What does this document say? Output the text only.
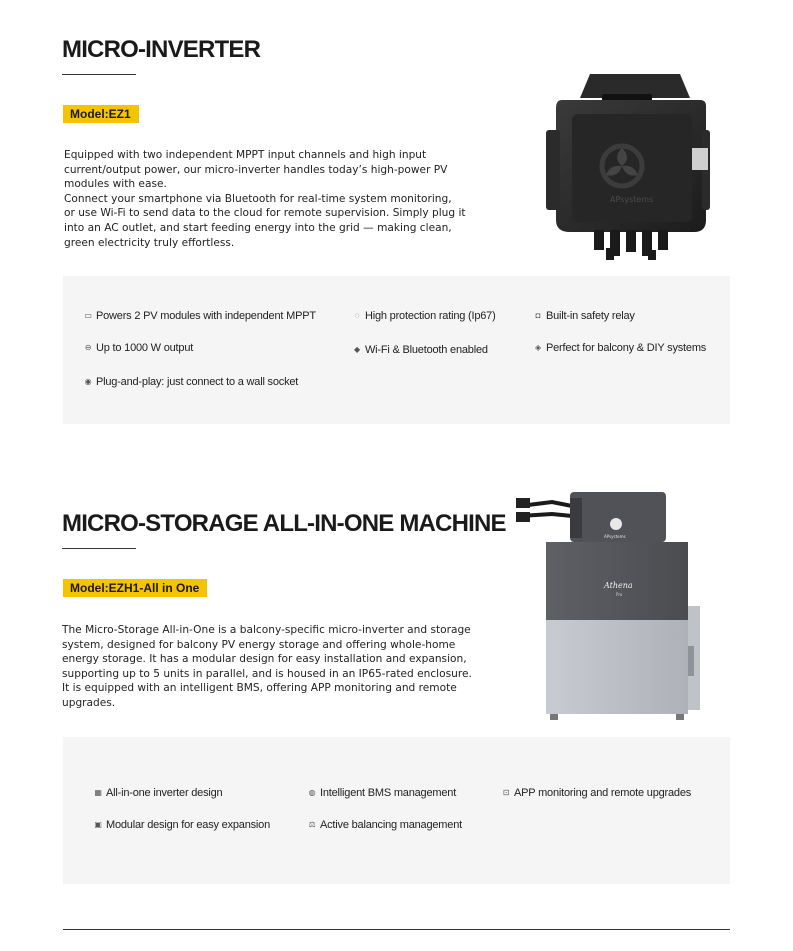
MICRO-INVERTER
Model:EZ1

Equipped with two independent MPPT input channels and high input

current/output power, our micro-inverter handles today’s high-power PV

modules with ease.

Connect your smartphone via Bluetooth for real-time system monitoring,

or use Wi-Fi to send data to the cloud for remote supervision. Simply plug it

into an AC outlet, and start feeding energy into the grid — making clean,

green electricity truly effortless.

APsystems
▭ Powers 2 PV modules with independent MPPT	◌ High protection rating (Ip67)	◘ Built-in safety relay
⊖ Up to 1000 W output	◆ Wi-Fi & Bluetooth enabled	◈ Perfect for balcony & DIY systems
◉ Plug-and-play: just connect to a wall socket
MICRO-STORAGE ALL-IN-ONE MACHINE
Model:EZH1-All in One

The Micro-Storage All-in-One is a balcony-specific micro-inverter and storage

system, designed for balcony PV energy storage and offering whole-home

energy storage. It has a modular design for easy installation and expansion,

supporting up to 5 units in parallel, and is housed in an IP65-rated enclosure.

It is equipped with an intelligent BMS, offering APP monitoring and remote

upgrades.

APsystems
Athena
Pro
▦ All-in-one inverter design	◍ Intelligent BMS management	⊡ APP monitoring and remote upgrades
▣ Modular design for easy expansion	⚖ Active balancing management
